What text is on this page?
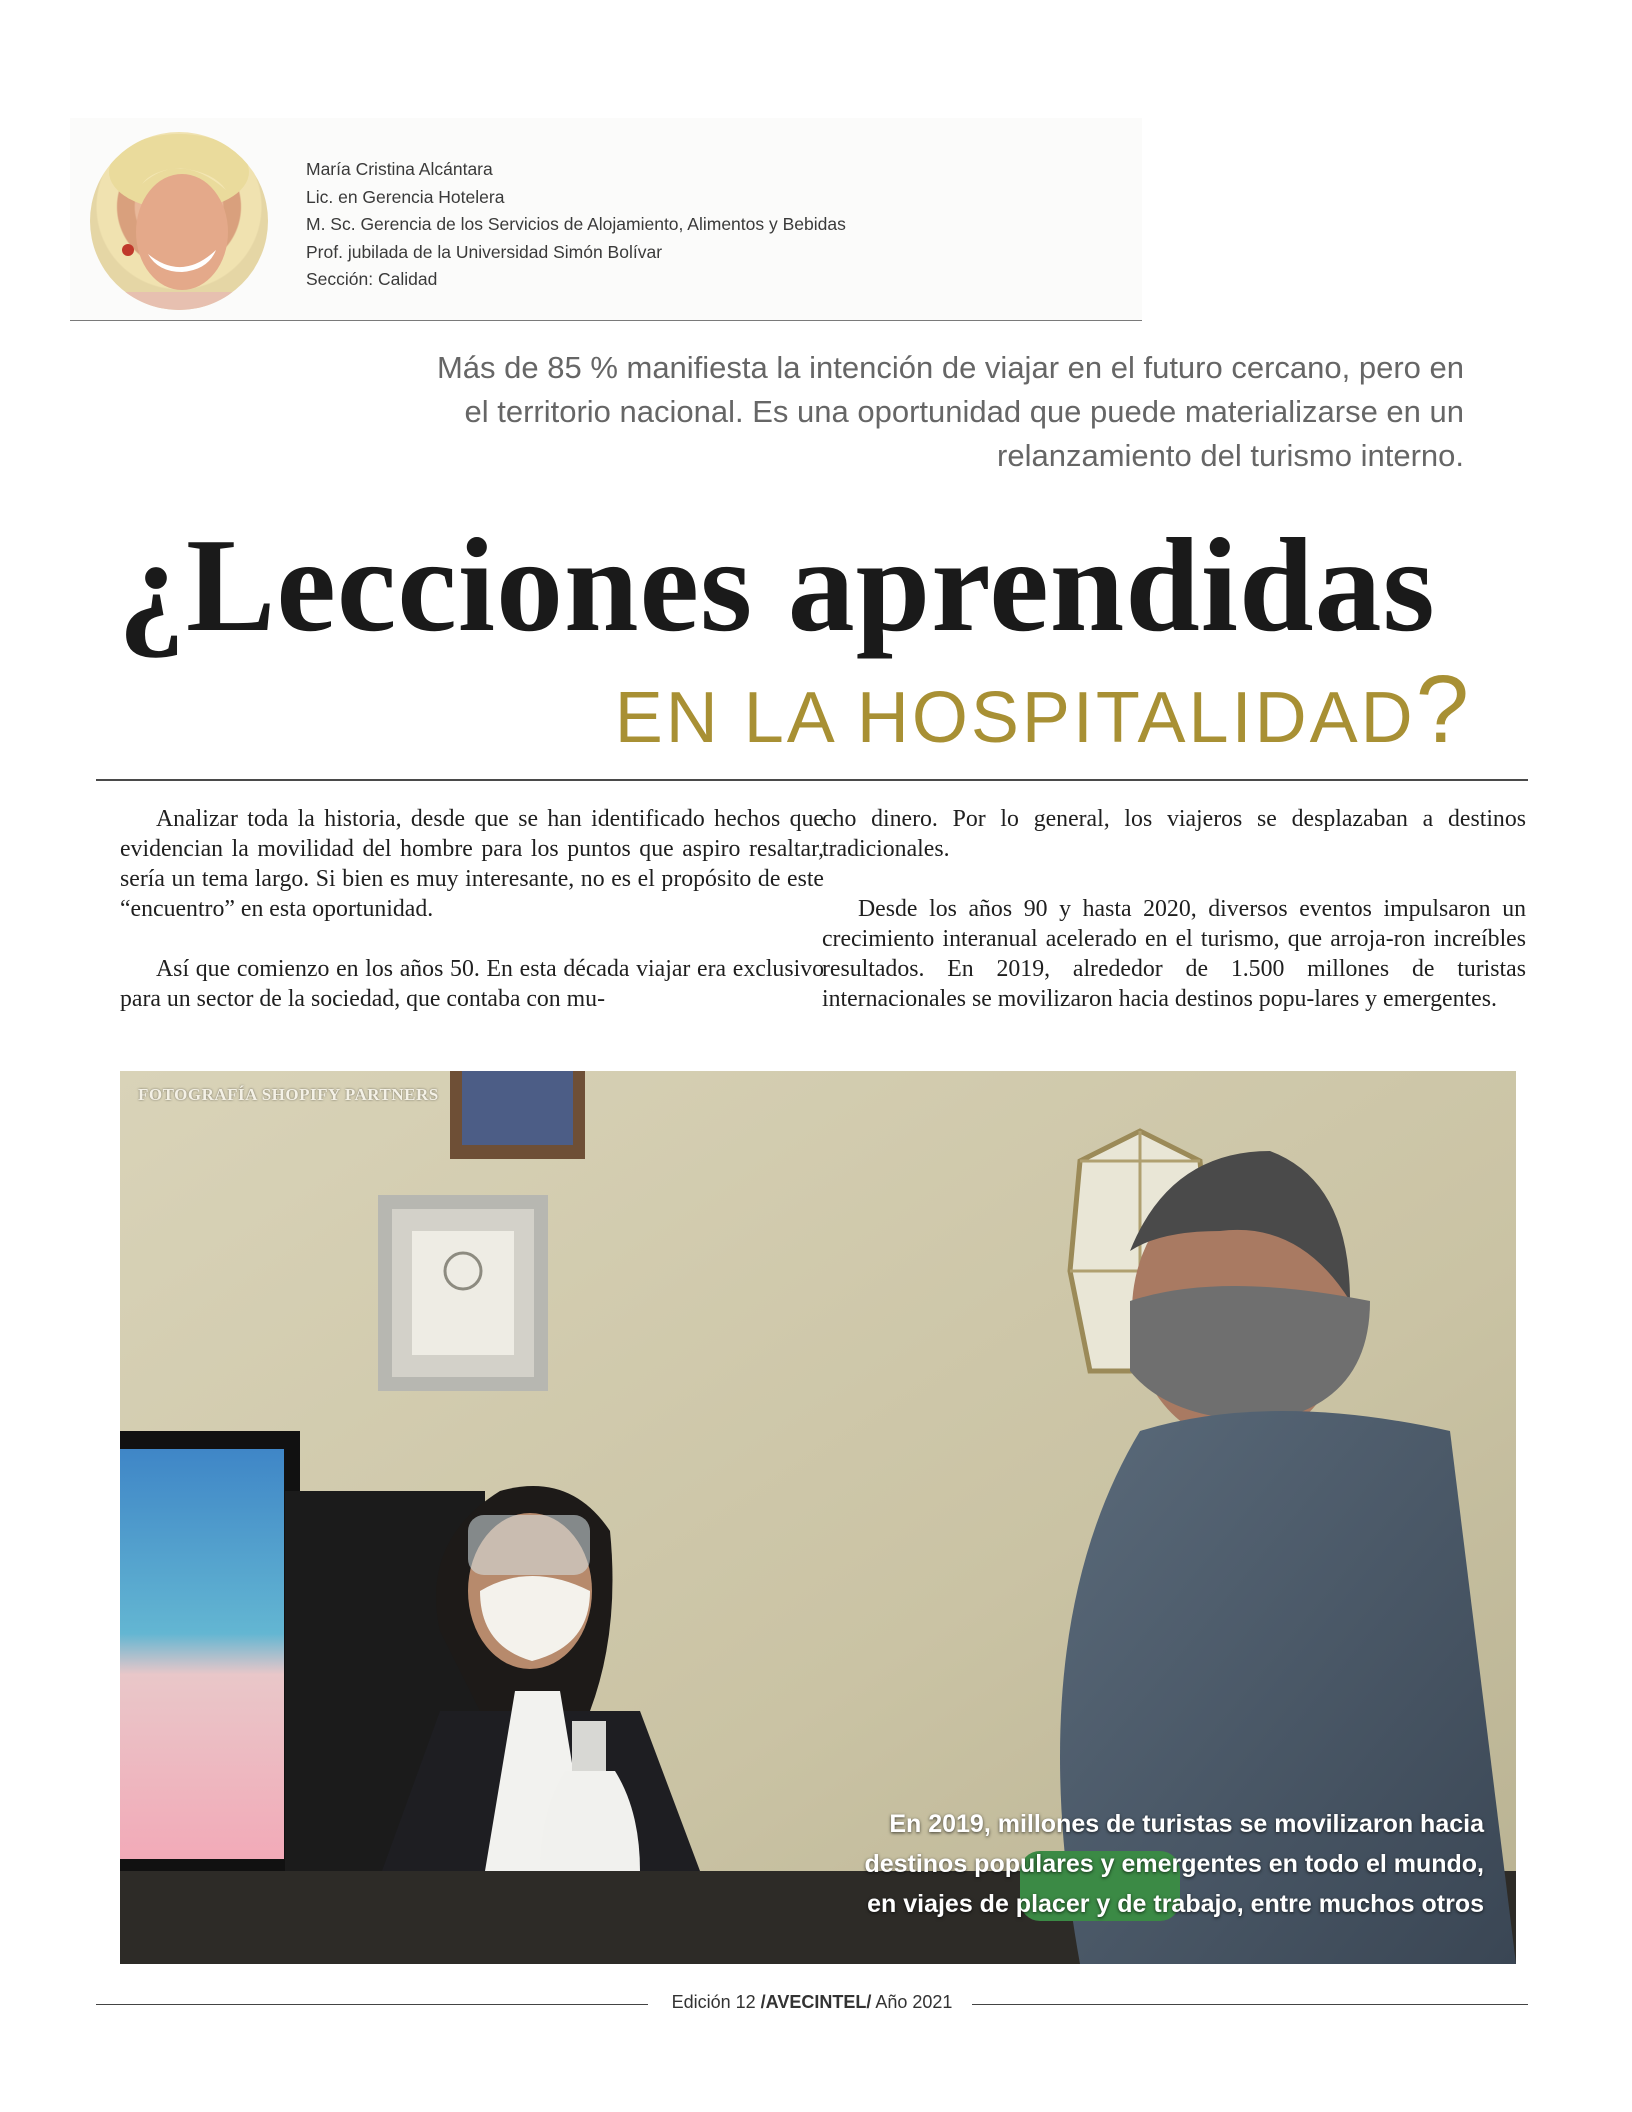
María Cristina Alcántara
Lic. en Gerencia Hotelera
M. Sc. Gerencia de los Servicios de Alojamiento, Alimentos y Bebidas
Prof. jubilada de la Universidad Simón Bolívar
Sección: Calidad
Más de 85 % manifiesta la intención de viajar en el futuro cercano, pero en
el territorio nacional. Es una oportunidad que puede materializarse en un
relanzamiento del turismo interno.
¿Lecciones aprendidas
EN LA HOSPITALIDAD?

Analizar toda la historia, desde que se han identificado hechos que evidencian la movilidad del hombre para los puntos que aspiro resaltar, sería un tema largo. Si bien es muy interesante, no es el propósito de este “encuentro” en esta oportunidad.

Así que comienzo en los años 50. En esta década viajar era exclusivo para un sector de la sociedad, que contaba con mu-

cho dinero. Por lo general, los viajeros se desplazaban a destinos tradicionales.

Desde los años 90 y hasta 2020, diversos eventos impulsaron un crecimiento interanual acelerado en el turismo, que arroja-ron increíbles resultados. En 2019, alrededor de 1.500 millones de turistas internacionales se movilizaron hacia destinos popu-lares y emergentes.

FOTOGRAFÍA SHOPIFY PARTNERS
En 2019, millones de turistas se movilizaron hacia
destinos populares y emergentes en todo el mundo,
en viajes de placer y de trabajo, entre muchos otros
Edición 12 /AVECINTEL/ Año 2021
